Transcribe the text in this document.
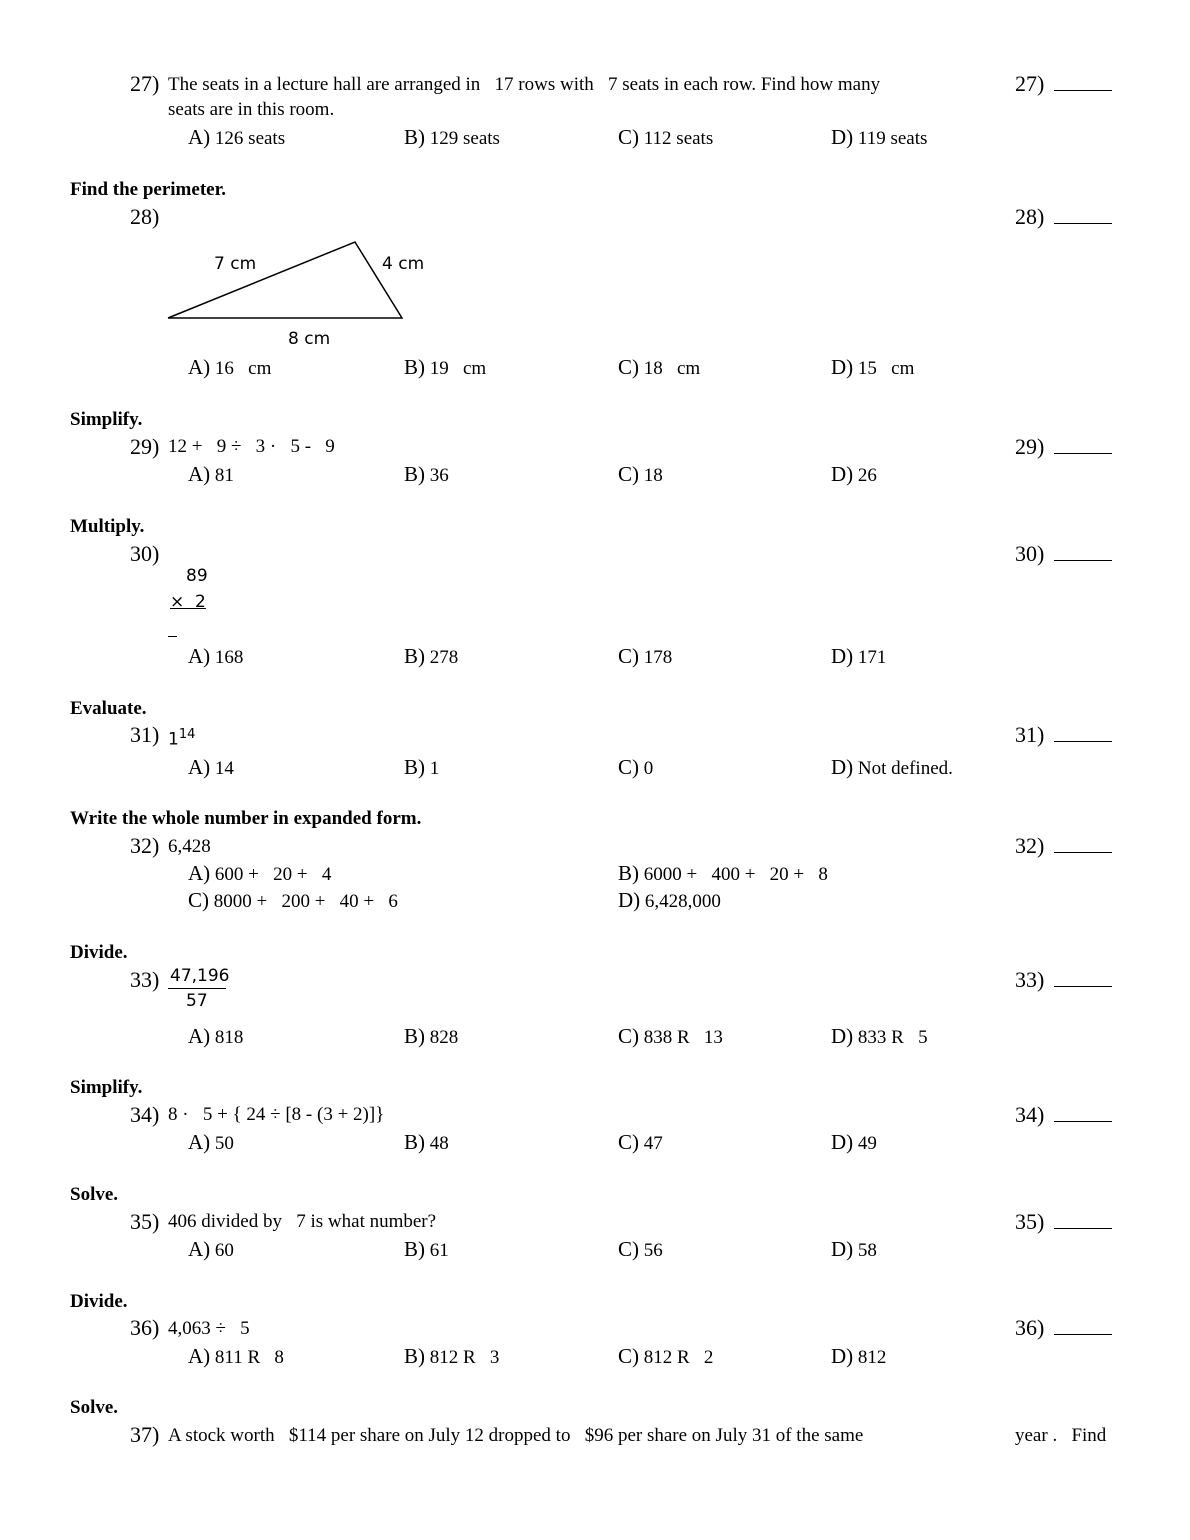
27) The seats in a lecture hall are arranged in   17 rows with   7 seats in each row. Find how many
seats are in this room.
27)
A) 126 seats	B) 129 seats	C) 112 seats	D) 119 seats
Find the perimeter.
28)	28)
7 cm	4 cm
8 cm
A) 16   cm	B) 19   cm	C) 18   cm	D) 15   cm
Simplify.
29) 12 +   9 ÷   3 ·   5 -   9	29)
A) 81	B) 36	C) 18	D) 26
Multiply.
30)	30)
89
×  2
A) 168	B) 278	C) 178	D) 171
Evaluate.
31) $1^{14}$	31)
A) 14	B) 1	C) 0	D) Not defined.
Write the whole number in expanded form.
32) 6,428	32)
A) 600 +   20 +   4	B) 6000 +   400 +   20 +   8
C) 8000 +   200 +   40 +   6	D) 6,428,000
Divide.
33) 47,196
57
33)
A) 818	B) 828	C) 838 R   13	D) 833 R   5
Simplify.
34) 8 ·   5 + { 24 ÷ [8 - (3 + 2)]}	34)
A) 50	B) 48	C) 47	D) 49
Solve.
35) 406 divided by   7 is what number?	35)
A) 60	B) 61	C) 56	D) 58
Divide.
36) 4,063 ÷   5	36)
A) 811 R   8	B) 812 R   3	C) 812 R   2	D) 812
Solve.
37) A stock worth   $114 per share on July 12 dropped to   $96 per share on July 31 of the same	year .   Find
